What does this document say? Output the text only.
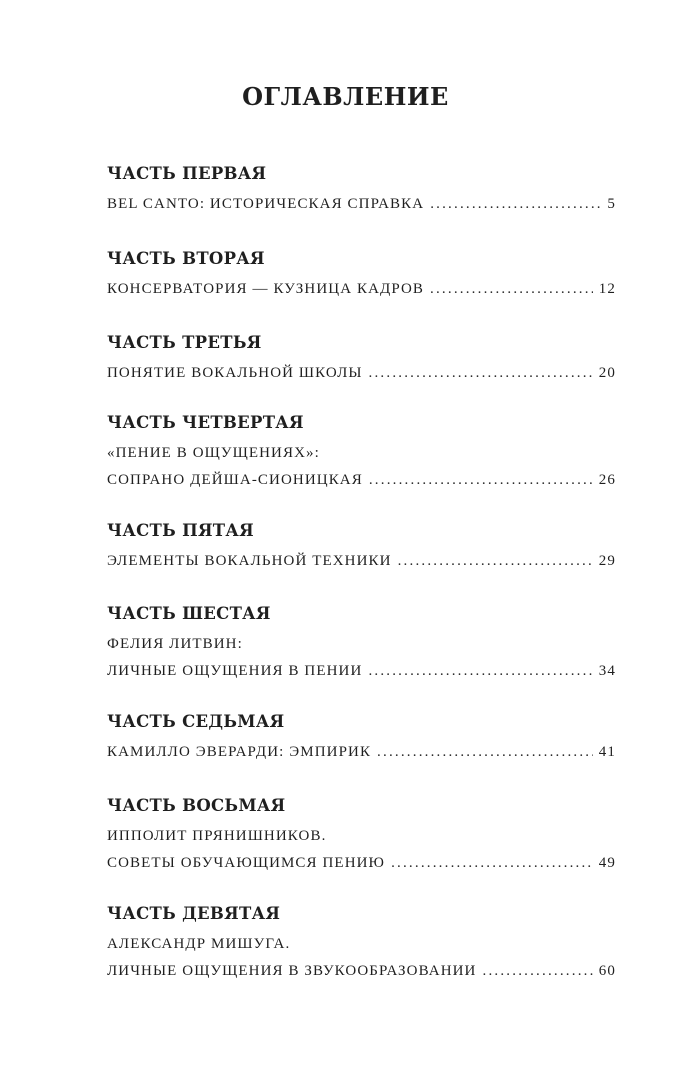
ОГЛАВЛЕНИЕ
ЧАСТЬ ПЕРВАЯ
BEL CANTO: ИСТОРИЧЕСКАЯ СПРАВКА .....	5
ЧАСТЬ ВТОРАЯ
КОНСЕРВАТОРИЯ — КУЗНИЦА КАДРОВ .....	12
ЧАСТЬ ТРЕТЬЯ
ПОНЯТИЕ ВОКАЛЬНОЙ ШКОЛЫ .....	20
ЧАСТЬ ЧЕТВЕРТАЯ
«ПЕНИЕ В ОЩУЩЕНИЯХ»:
СОПРАНО ДЕЙША-СИОНИЦКАЯ .....	26
ЧАСТЬ ПЯТАЯ
ЭЛЕМЕНТЫ ВОКАЛЬНОЙ ТЕХНИКИ .....	29
ЧАСТЬ ШЕСТАЯ
ФЕЛИЯ ЛИТВИН:
ЛИЧНЫЕ ОЩУЩЕНИЯ В ПЕНИИ .....	34
ЧАСТЬ СЕДЬМАЯ
КАМИЛЛО ЭВЕРАРДИ: ЭМПИРИК .....	41
ЧАСТЬ ВОСЬМАЯ
ИППОЛИТ ПРЯНИШНИКОВ.
СОВЕТЫ ОБУЧАЮЩИМСЯ ПЕНИЮ .....	49
ЧАСТЬ ДЕВЯТАЯ
АЛЕКСАНДР МИШУГА.
ЛИЧНЫЕ ОЩУЩЕНИЯ В ЗВУКООБРАЗОВАНИИ .....	60
